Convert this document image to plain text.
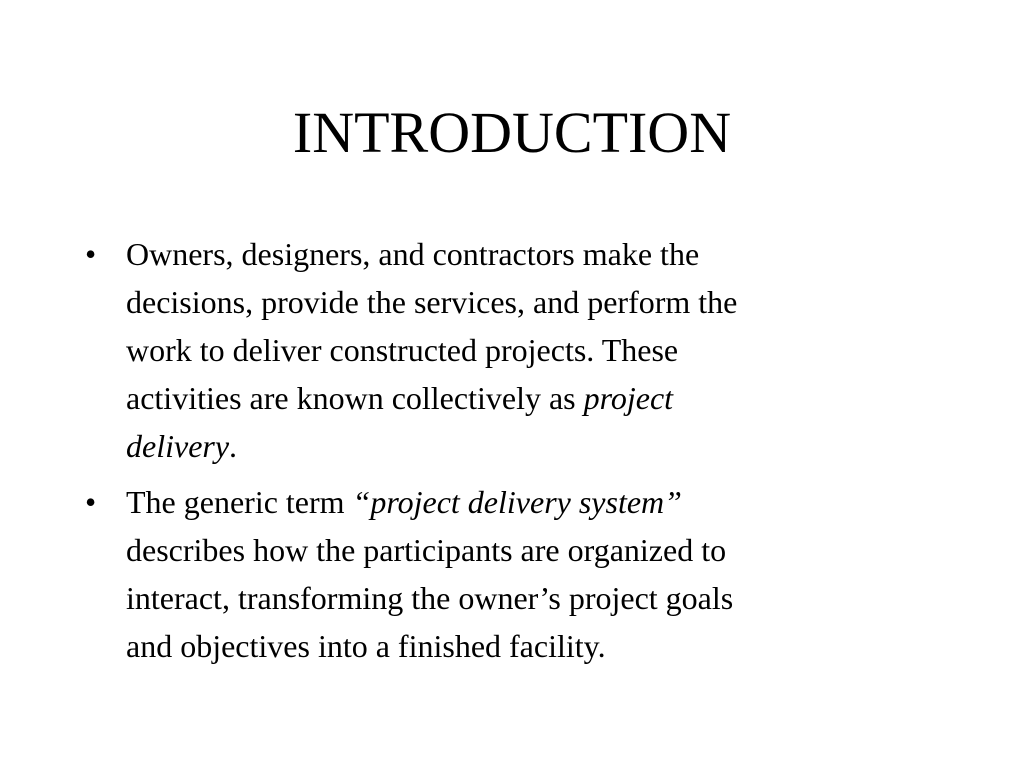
INTRODUCTION
• Owners, designers, and contractors make the
decisions, provide the services, and perform the
work to deliver constructed projects. These
activities are known collectively as project
delivery.
• The generic term “project delivery system”
describes how the participants are organized to
interact, transforming the owner’s project goals
and objectives into a finished facility.
